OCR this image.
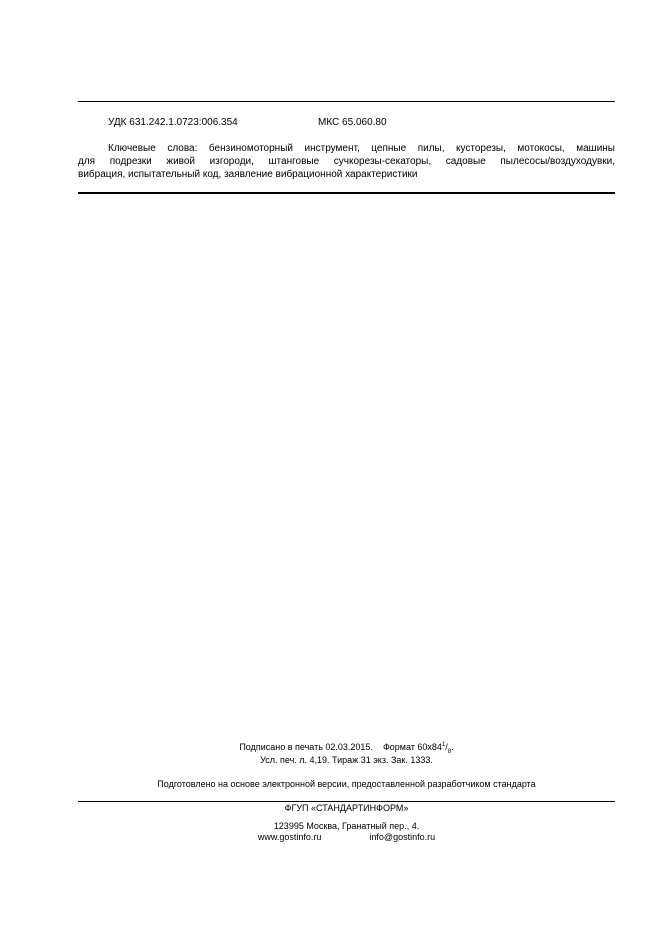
УДК 631.242.1.0723:006.354	МКС 65.060.80
Ключевые слова: бензиномоторный инструмент, цепные пилы, кусторезы, мотокосы, машины
для подрезки живой изгороди, штанговые сучкорезы-секаторы, садовые пылесосы/воздуходувки,
вибрация, испытательный код, заявление вибрационной характеристики
Подписано в печать 02.03.2015. Формат $60x84^1/_8$.
Усл. печ. л. 4,19. Тираж 31 экз. Зак. 1333.
Подготовлено на основе электронной версии, предоставленной разработчиком стандарта
ФГУП «СТАНДАРТИНФОРМ»
123995 Москва, Гранатный пер., 4.
www.gostinfo.ru	info@gostinfo.ru
